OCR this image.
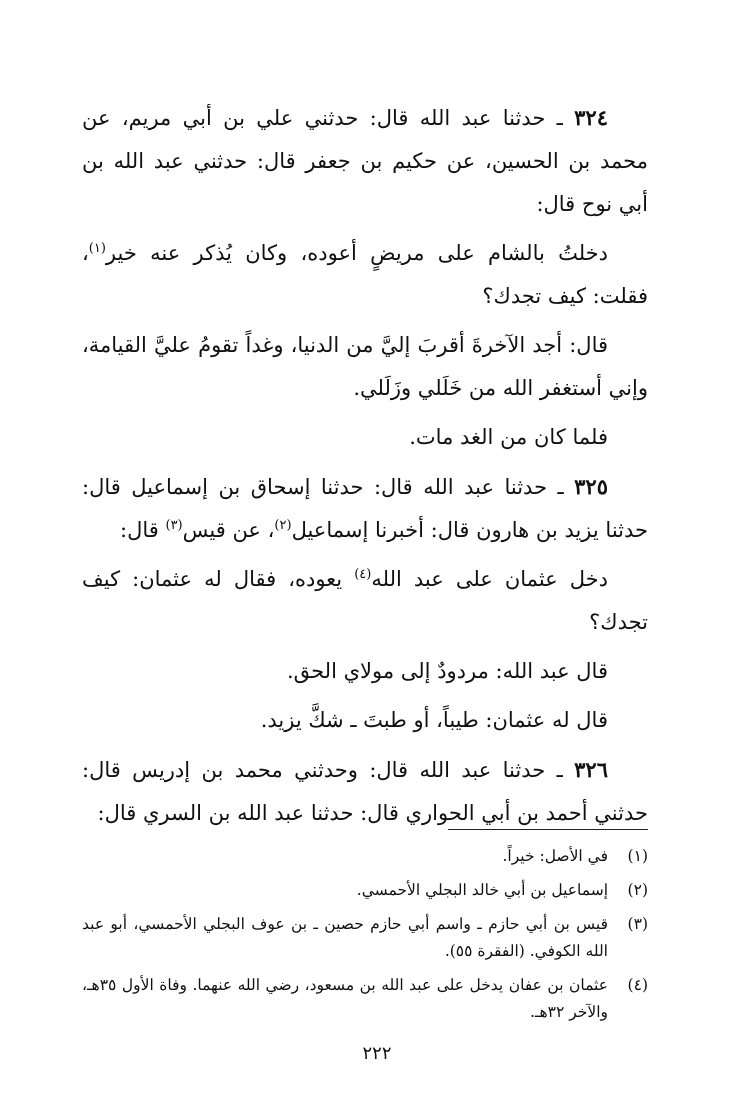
٣٢٤ ـ حدثنا عبد الله قال: حدثني علي بن أبي مريم، عن محمد بن الحسين، عن حكيم بن جعفر قال: حدثني عبد الله بن أبي نوح قال:

دخلتُ بالشام على مريضٍ أعوده، وكان يُذكر عنه خير$^{(١)}$، فقلت: كيف تجدك؟

قال: أجد الآخرةَ أقربَ إليَّ من الدنيا، وغداً تقومُ عليَّ القيامة، وإني أستغفر الله من خَلَلي وزَلَلي.

فلما كان من الغد مات.

٣٢٥ ـ حدثنا عبد الله قال: حدثنا إسحاق بن إسماعيل قال: حدثنا يزيد بن هارون قال: أخبرنا إسماعيل$^{(٢)}$، عن قيس$^{(٣)}$ قال:

دخل عثمان على عبد الله$^{(٤)}$ يعوده، فقال له عثمان: كيف تجدك؟

قال عبد الله: مردودٌ إلى مولاي الحق.

قال له عثمان: طيباً، أو طبتَ ـ شكَّ يزيد.

٣٢٦ ـ حدثنا عبد الله قال: وحدثني محمد بن إدريس قال: حدثني أحمد بن أبي الحواري قال: حدثنا عبد الله بن السري قال:

(١)
في الأصل: خيراً.
(٢)
إسماعيل بن أبي خالد البجلي الأحمسي.
(٣)
قيس بن أبي حازم ـ واسم أبي حازم حصين ـ بن عوف البجلي الأحمسي، أبو عبد الله الكوفي. (الفقرة ٥٥).
(٤)
عثمان بن عفان يدخل على عبد الله بن مسعود، رضي الله عنهما. وفاة الأول ٣٥هـ، والآخر ٣٢هـ.
٢٢٢
